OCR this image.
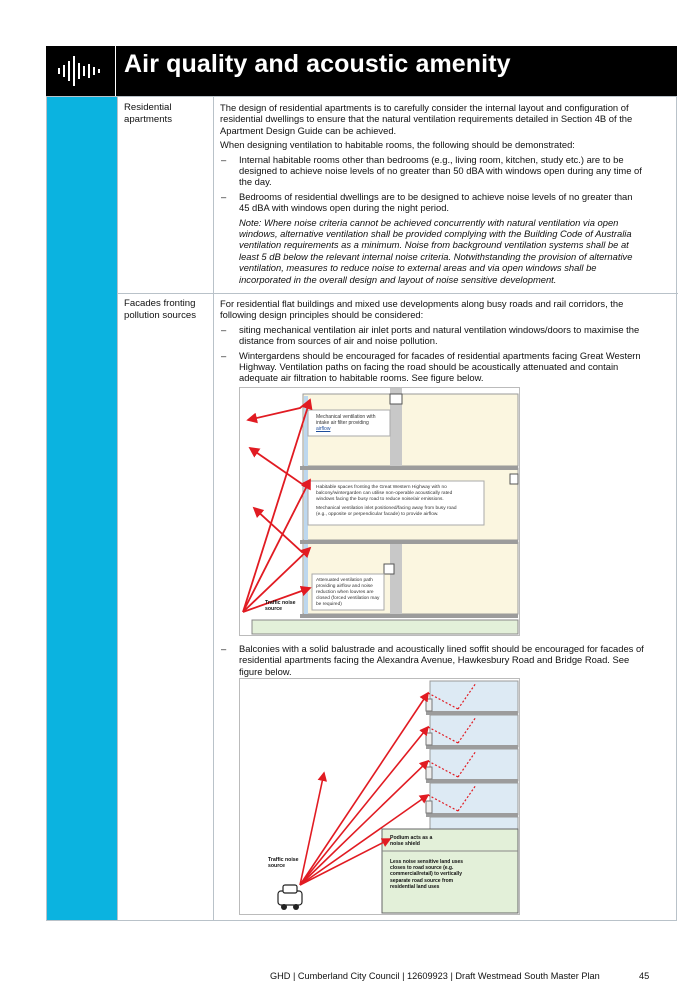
Air quality and acoustic amenity
Residential
apartments

The design of residential apartments is to carefully consider the internal layout and configuration of
residential dwellings to ensure that the natural ventilation requirements detailed in Section 4B of the
Apartment Design Guide can be achieved.

When designing ventilation to habitable rooms, the following should be demonstrated:

– Internal habitable rooms other than bedrooms (e.g., living room, kitchen, study etc.) are to be
designed to achieve noise levels of no greater than 50 dBA with windows open during any time of
the day.
– Bedrooms of residential dwellings are to be designed to achieve noise levels of no greater than
45 dBA with windows open during the night period.
Note: Where noise criteria cannot be achieved concurrently with natural ventilation via open
windows, alternative ventilation shall be provided complying with the Building Code of Australia
ventilation requirements as a minimum. Noise from background ventilation systems shall be at
least 5 dB below the relevant internal noise criteria. Notwithstanding the provision of alternative
ventilation, measures to reduce noise to external areas and via open windows shall be
incorporated in the overall design and layout of noise sensitive development.
Facades fronting
pollution sources

For residential flat buildings and mixed use developments along busy roads and rail corridors, the
following design principles should be considered:

– siting mechanical ventilation air inlet ports and natural ventilation windows/doors to maximise the
distance from sources of air and noise pollution.
– Wintergardens should be encouraged for facades of residential apartments facing Great Western
Highway. Ventilation paths on facing the road should be acoustically attenuated and contain
adequate air filtration to habitable rooms. See figure below.
Mechanical ventilation with
intake air filter providing
airflow
Habitable spaces fronting the Great Western Highway with no
balcony/wintergarden can utilise non-operable acoustically rated
windows facing the busy road to reduce noise/air emissions.
Mechanical ventilation inlet positioned/facing away from busy road
(e.g., opposite or perpendicular facade) to provide airflow.
Attenuated ventilation path
providing airflow and noise
reduction when louvres are
closed (forced ventilation may
be required)
Traffic noise
source
– Balconies with a solid balustrade and acoustically lined soffit should be encouraged for facades of
residential apartments facing the Alexandra Avenue, Hawkesbury Road and Bridge Road. See
figure below.
Podium acts as a
noise shield
Less noise sensitive land uses
closes to road source (e.g.
commercial/retail) to vertically
separate road source from
residential land uses
Traffic noise
source
GHD | Cumberland City Council | 12609923 | Draft Westmead South Master Plan	45
